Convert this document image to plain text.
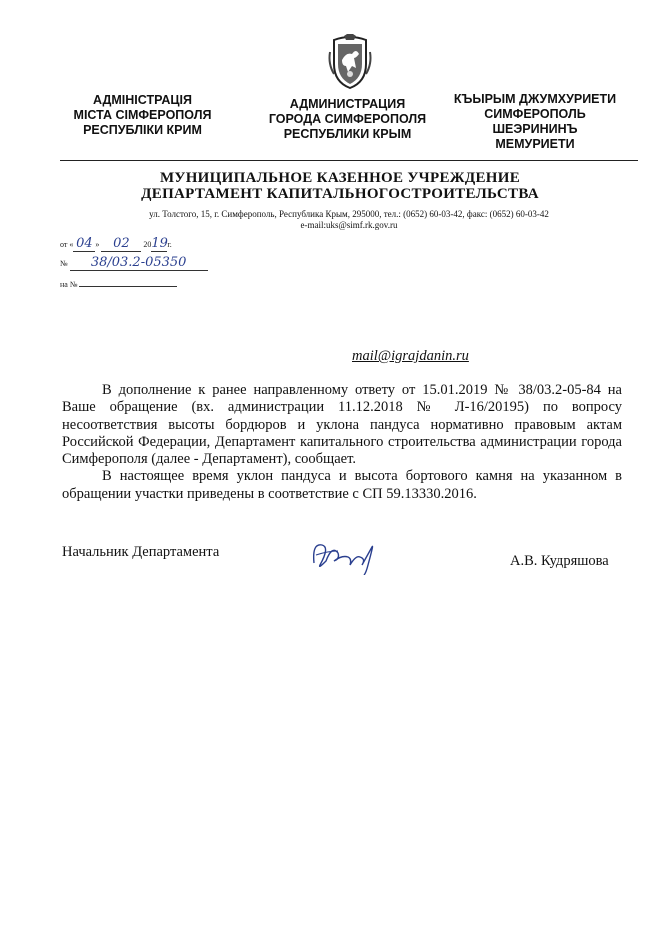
АДМІНІСТРАЦІЯ
МІСТА СІМФЕРОПОЛЯ
РЕСПУБЛІКИ КРИМ
АДМИНИСТРАЦИЯ
ГОРОДА СИМФЕРОПОЛЯ
РЕСПУБЛИКИ КРЫМ
КЪЫРЫМ ДЖУМХУРИЕТИ
СИМФЕРОПОЛЬ
ШЕЭРИНИНЪ
МЕМУРИЕТИ
МУНИЦИПАЛЬНОЕ КАЗЕННОЕ УЧРЕЖДЕНИЕ
ДЕПАРТАМЕНТ КАПИТАЛЬНОГОСТРОИТЕЛЬСТВА
ул. Толстого, 15, г. Симферополь, Республика Крым, 295000, тел.: (0652) 60-03-42, факс: (0652) 60-03-42
e-mail:uks@simf.rk.gov.ru
от « 04 » 02 2019г.
№ 38/03.2-05350
на №
mail@igrajdanin.ru

В дополнение к ранее направленному ответу от 15.01.2019 № 38/03.2-05-84 на Ваше обращение (вх. администрации 11.12.2018 № Л-16/20195) по вопросу несоответствия высоты бордюров и уклона пандуса нормативно правовым актам Российской Федерации, Департамент капитального строительства администрации города Симферополя (далее - Департамент), сообщает.

В настоящее время уклон пандуса и высота бортового камня на указанном в обращении участки приведены в соответствие с СП 59.13330.2016.

Начальник Департамента
А.В. Кудряшова
